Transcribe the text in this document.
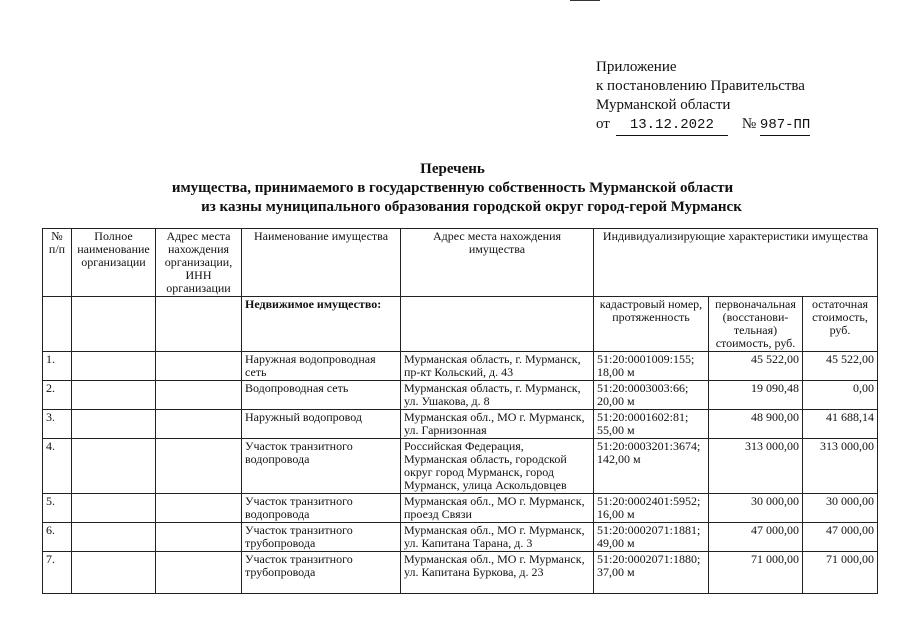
Приложение
к постановлению Правительства
Мурманской области
от 13.12.2022 № 987-ПП
Перечень
имущества, принимаемого в государственную собственность Мурманской области
из казны муниципального образования городской округ город-герой Мурманск
№ п/п	Полное наименование организации	Адрес места нахождения организации, ИНН организации	Наименование имущества	Адрес места нахождения имущества	Индивидуализирующие характеристики имущества		
			Недвижимое имущество:		кадастровый номер, протяженность	первоначальная (восстанови-тельная) стоимость, руб.	остаточная стоимость, руб.
1.			Наружная водопроводная сеть	Мурманская область, г. Мурманск, пр-кт Кольский, д. 43	51:20:0001009:155; 18,00 м	45 522,00	45 522,00
2.			Водопроводная сеть	Мурманская область, г. Мурманск, ул. Ушакова, д. 8	51:20:0003003:66; 20,00 м	19 090,48	0,00
3.			Наружный водопровод	Мурманская обл., МО г. Мурманск, ул. Гарнизонная	51:20:0001602:81; 55,00 м	48 900,00	41 688,14
4.			Участок транзитного водопровода	Российская Федерация, Мурманская область, городской округ город Мурманск, город Мурманск, улица Аскольдовцев	51:20:0003201:3674; 142,00 м	313 000,00	313 000,00
5.			Участок транзитного водопровода	Мурманская обл., МО г. Мурманск, проезд Связи	51:20:0002401:5952; 16,00 м	30 000,00	30 000,00
6.			Участок транзитного трубопровода	Мурманская обл., МО г. Мурманск, ул. Капитана Тарана, д. 3	51:20:0002071:1881; 49,00 м	47 000,00	47 000,00
7.			Участок транзитного трубопровода	Мурманская обл., МО г. Мурманск, ул. Капитана Буркова, д. 23	51:20:0002071:1880; 37,00 м	71 000,00	71 000,00
